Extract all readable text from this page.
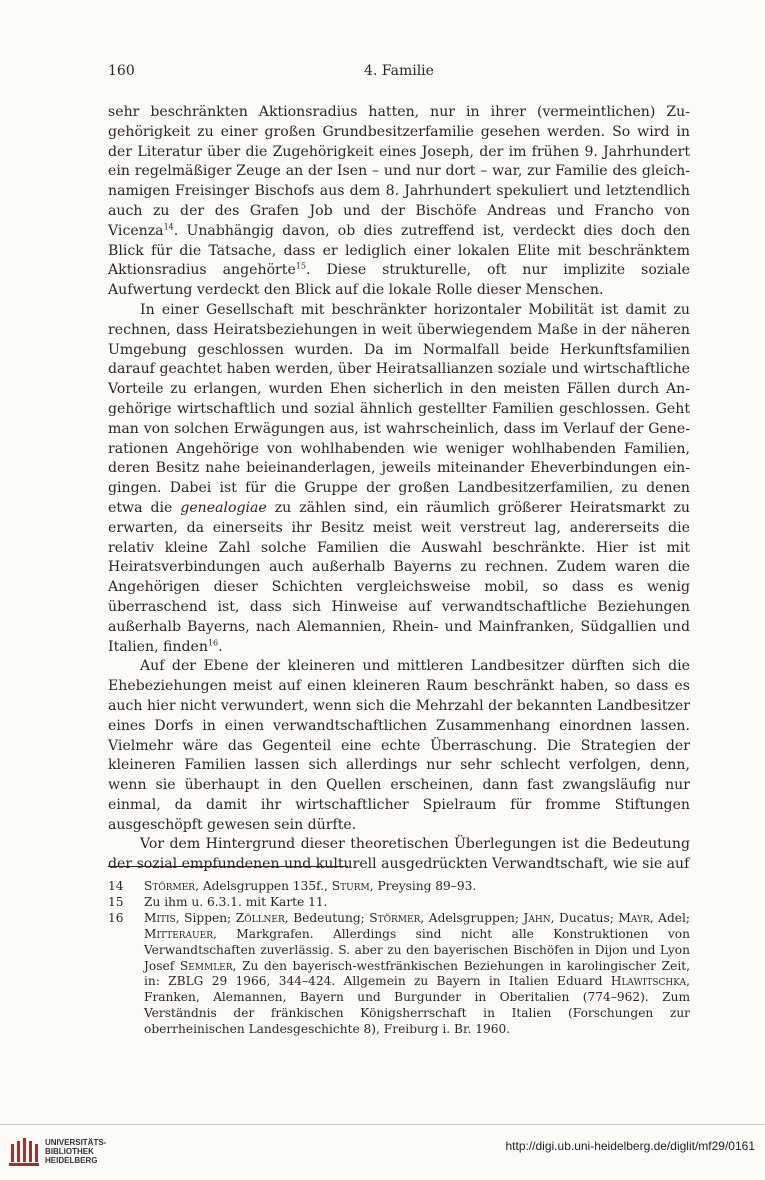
160	4. Familie

sehr beschränkten Aktionsradius hatten, nur in ihrer (vermeintlichen) Zugehörigkeit zu einer großen Grundbesitzerfamilie gesehen werden. So wird in der Literatur über die Zugehörigkeit eines Joseph, der im frühen 9. Jahrhundert ein regelmäßiger Zeuge an der Isen – und nur dort – war, zur Familie des gleichnamigen Freisinger Bischofs aus dem 8. Jahrhundert spekuliert und letztendlich auch zu der des Grafen Job und der Bischöfe Andreas und Francho von Vicenza$^{14}$. Unabhängig davon, ob dies zutreffend ist, verdeckt dies doch den Blick für die Tatsache, dass er lediglich einer lokalen Elite mit beschränktem Aktionsradius angehörte$^{15}$. Diese strukturelle, oft nur implizite soziale Aufwertung verdeckt den Blick auf die lokale Rolle dieser Menschen.

In einer Gesellschaft mit beschränkter horizontaler Mobilität ist damit zu rechnen, dass Heiratsbeziehungen in weit überwiegendem Maße in der näheren Umgebung geschlossen wurden. Da im Normalfall beide Herkunftsfamilien darauf geachtet haben werden, über Heiratsallianzen soziale und wirtschaftliche Vorteile zu erlangen, wurden Ehen sicherlich in den meisten Fällen durch Angehörige wirtschaftlich und sozial ähnlich gestellter Familien geschlossen. Geht man von solchen Erwägungen aus, ist wahrscheinlich, dass im Verlauf der Generationen Angehörige von wohlhabenden wie weniger wohlhabenden Familien, deren Besitz nahe beieinanderlagen, jeweils miteinander Eheverbindungen eingingen. Dabei ist für die Gruppe der großen Landbesitzerfamilien, zu denen etwa die genealogiae zu zählen sind, ein räumlich größerer Heiratsmarkt zu erwarten, da einerseits ihr Besitz meist weit verstreut lag, andererseits die relativ kleine Zahl solche Familien die Auswahl beschränkte. Hier ist mit Heiratsverbindungen auch außerhalb Bayerns zu rechnen. Zudem waren die Angehörigen dieser Schichten vergleichsweise mobil, so dass es wenig überraschend ist, dass sich Hinweise auf verwandtschaftliche Beziehungen außerhalb Bayerns, nach Alemannien, Rhein- und Mainfranken, Südgallien und Italien, finden$^{16}$.

Auf der Ebene der kleineren und mittleren Landbesitzer dürften sich die Ehebeziehungen meist auf einen kleineren Raum beschränkt haben, so dass es auch hier nicht verwundert, wenn sich die Mehrzahl der bekannten Landbesitzer eines Dorfs in einen verwandtschaftlichen Zusammenhang einordnen lassen. Vielmehr wäre das Gegenteil eine echte Überraschung. Die Strategien der kleineren Familien lassen sich allerdings nur sehr schlecht verfolgen, denn, wenn sie überhaupt in den Quellen erscheinen, dann fast zwangsläufig nur einmal, da damit ihr wirtschaftlicher Spielraum für fromme Stiftungen ausgeschöpft gewesen sein dürfte.

Vor dem Hintergrund dieser theoretischen Überlegungen ist die Bedeutung der sozial empfundenen und kulturell ausgedrückten Verwandtschaft, wie sie auf

14	Störmer, Adelsgruppen 135f., Sturm, Preysing 89–93.
15	Zu ihm u. 6.3.1. mit Karte 11.
16	Mitis, Sippen; Zöllner, Bedeutung; Störmer, Adelsgruppen; Jahn, Ducatus; Mayr, Adel; Mitterauer, Markgrafen. Allerdings sind nicht alle Konstruktionen von Verwandtschaften zuverlässig. S. aber zu den bayerischen Bischöfen in Dijon und Lyon Josef Semmler, Zu den bayerisch-westfränkischen Beziehungen in karolingischer Zeit, in: ZBLG 29 1966, 344–424. Allgemein zu Bayern in Italien Eduard Hlawitschka, Franken, Alemannen, Bayern und Burgunder in Oberitalien (774–962). Zum Verständnis der fränkischen Königsherrschaft in Italien (Forschungen zur oberrheinischen Landesgeschichte 8), Freiburg i. Br. 1960.
UNIVERSITÄTS-
BIBLIOTHEK
HEIDELBERG
http://digi.ub.uni-heidelberg.de/diglit/mf29/0161
